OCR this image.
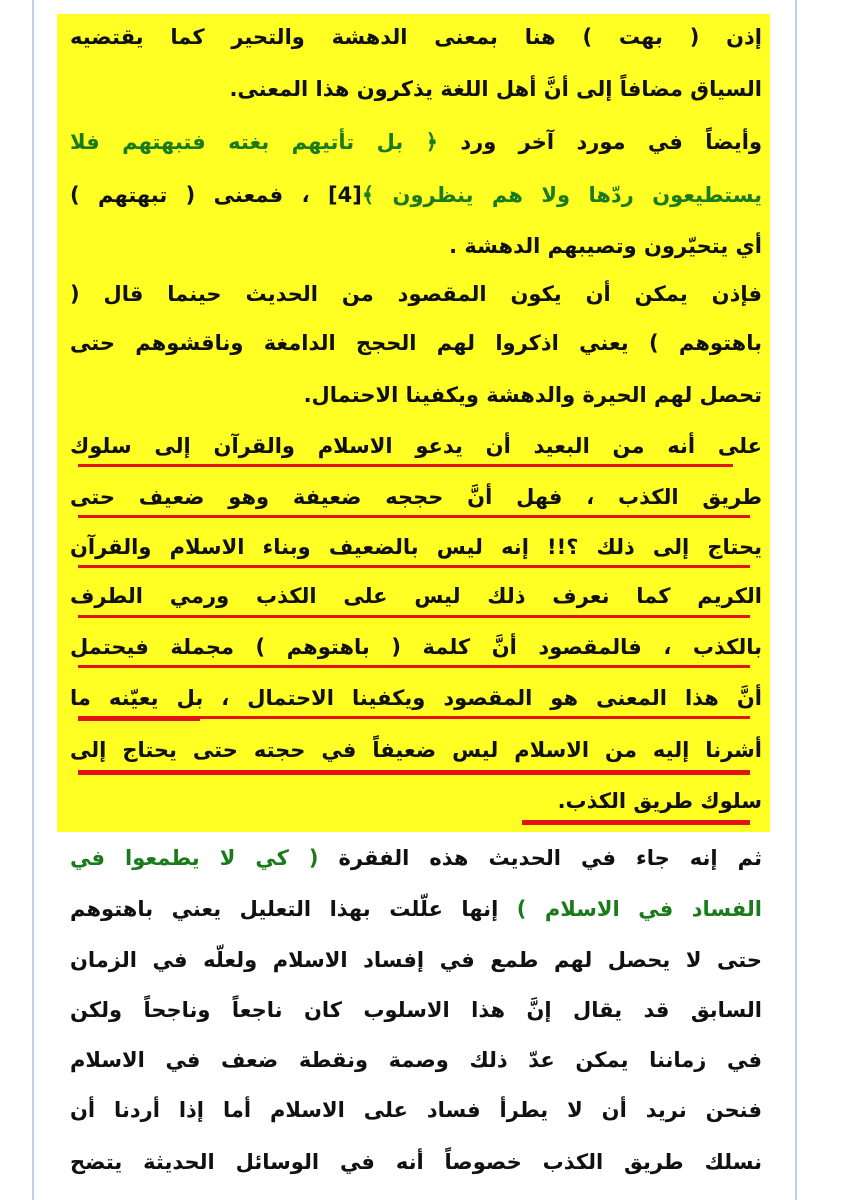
إذن ( بهت ) هنا بمعنى الدهشة والتحير كما يقتضيه
السياق مضافاً إلى أنَّ أهل اللغة يذكرون هذا المعنى.
وأيضاً في مورد آخر ورد ﴿ بل تأتيهم بغته فتبهتهم فلا
يستطيعون ردّها ولا هم ينظرون ﴾[4] ، فمعنى ( تبهتهم )
أي يتحيّرون وتصيبهم الدهشة .
فإذن يمكن أن يكون المقصود من الحديث حينما قال (
باهتوهم ) يعني اذكروا لهم الحجج الدامغة وناقشوهم حتى
تحصل لهم الحيرة والدهشة ويكفينا الاحتمال.
على أنه من البعيد أن يدعو الاسلام والقرآن إلى سلوك
طريق الكذب ، فهل أنَّ حججه ضعيفة وهو ضعيف حتى
يحتاج إلى ذلك ؟!! إنه ليس بالضعيف وبناء الاسلام والقرآن
الكريم كما نعرف ذلك ليس على الكذب ورمي الطرف
بالكذب ، فالمقصود أنَّ كلمة ( باهتوهم ) مجملة فيحتمل
أنَّ هذا المعنى هو المقصود ويكفينا الاحتمال ، بل يعيّنه ما
أشرنا إليه من الاسلام ليس ضعيفاً في حجته حتى يحتاج إلى
سلوك طريق الكذب.
ثم إنه جاء في الحديث هذه الفقرة ( كي لا يطمعوا في
الفساد في الاسلام ) إنها علّلت بهذا التعليل يعني باهتوهم
حتى لا يحصل لهم طمع في إفساد الاسلام ولعلّه في الزمان
السابق قد يقال إنَّ هذا الاسلوب كان ناجعاً وناجحاً ولكن
في زماننا يمكن عدّ ذلك وصمة ونقطة ضعف في الاسلام
فنحن نريد أن لا يطرأ فساد على الاسلام أما إذا أردنا أن
نسلك طريق الكذب خصوصاً أنه في الوسائل الحديثة يتضح
